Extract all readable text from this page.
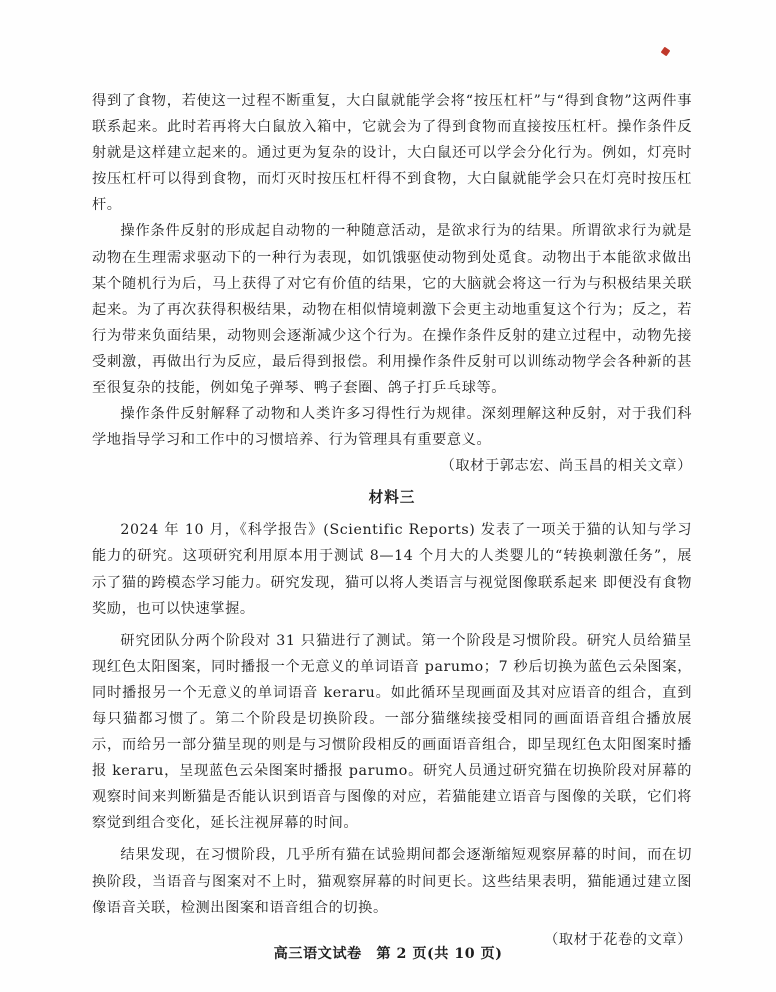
得到了食物，若使这一过程不断重复，大白鼠就能学会将“按压杠杆”与“得到食物”这两件事联系起来。此时若再将大白鼠放入箱中，它就会为了得到食物而直接按压杠杆。操作条件反射就是这样建立起来的。通过更为复杂的设计，大白鼠还可以学会分化行为。例如，灯亮时按压杠杆可以得到食物，而灯灭时按压杠杆得不到食物，大白鼠就能学会只在灯亮时按压杠杆。

操作条件反射的形成起自动物的一种随意活动，是欲求行为的结果。所谓欲求行为就是动物在生理需求驱动下的一种行为表现，如饥饿驱使动物到处觅食。动物出于本能欲求做出某个随机行为后，马上获得了对它有价值的结果，它的大脑就会将这一行为与积极结果关联起来。为了再次获得积极结果，动物在相似情境刺激下会更主动地重复这个行为；反之，若行为带来负面结果，动物则会逐渐减少这个行为。在操作条件反射的建立过程中，动物先接受刺激，再做出行为反应，最后得到报偿。利用操作条件反射可以训练动物学会各种新的甚至很复杂的技能，例如兔子弹琴、鸭子套圈、鸽子打乒乓球等。

操作条件反射解释了动物和人类许多习得性行为规律。深刻理解这种反射，对于我们科学地指导学习和工作中的习惯培养、行为管理具有重要意义。

（取材于郭志宏、尚玉昌的相关文章）

材料三

2024 年 10 月，《科学报告》(Scientific Reports) 发表了一项关于猫的认知与学习能力的研究。这项研究利用原本用于测试 8—14 个月大的人类婴儿的“转换刺激任务”，展示了猫的跨模态学习能力。研究发现，猫可以将人类语言与视觉图像联系起来 即便没有食物奖励，也可以快速掌握。

研究团队分两个阶段对 31 只猫进行了测试。第一个阶段是习惯阶段。研究人员给猫呈现红色太阳图案，同时播报一个无意义的单词语音 parumo；7 秒后切换为蓝色云朵图案，同时播报另一个无意义的单词语音 keraru。如此循环呈现画面及其对应语音的组合，直到每只猫都习惯了。第二个阶段是切换阶段。一部分猫继续接受相同的画面语音组合播放展示，而给另一部分猫呈现的则是与习惯阶段相反的画面语音组合，即呈现红色太阳图案时播报 keraru，呈现蓝色云朵图案时播报 parumo。研究人员通过研究猫在切换阶段对屏幕的观察时间来判断猫是否能认识到语音与图像的对应，若猫能建立语音与图像的关联，它们将察觉到组合变化，延长注视屏幕的时间。

结果发现，在习惯阶段，几乎所有猫在试验期间都会逐渐缩短观察屏幕的时间，而在切换阶段，当语音与图案对不上时，猫观察屏幕的时间更长。这些结果表明，猫能通过建立图像语音关联，检测出图案和语音组合的切换。

（取材于花卷的文章）

高三语文试卷　第 2 页(共 10 页)
